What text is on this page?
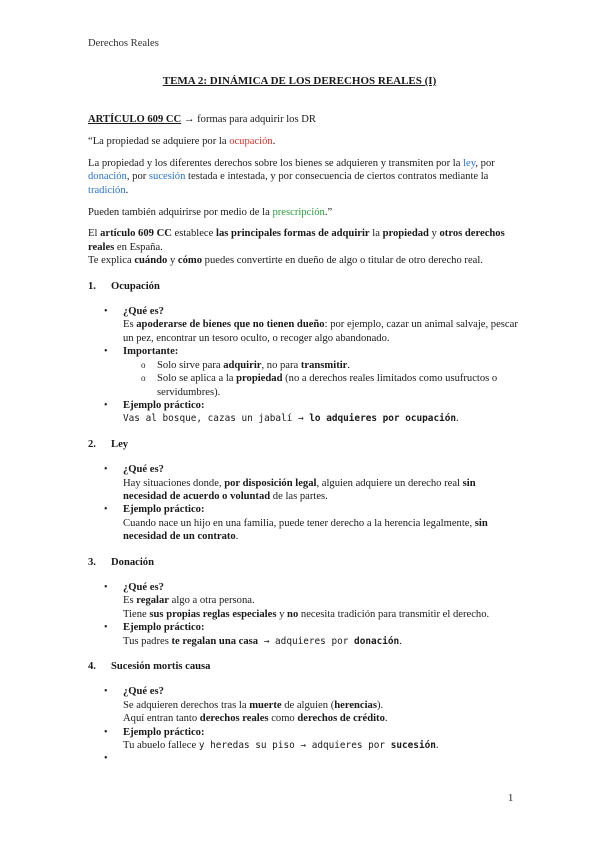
Derechos Reales
TEMA 2: DINÁMICA DE LOS DERECHOS REALES (I)

ARTÍCULO 609 CC → formas para adquirir los DR

“La propiedad se adquiere por la ocupación.

La propiedad y los diferentes derechos sobre los bienes se adquieren y transmiten por la ley, por donación, por sucesión testada e intestada, y por consecuencia de ciertos contratos mediante la tradición.

Pueden también adquirirse por medio de la prescripción.”

El artículo 609 CC establece las principales formas de adquirir la propiedad y otros derechos reales en España.

Te explica cuándo y cómo puedes convertirte en dueño de algo o titular de otro derecho real.

1. Ocupación
• ¿Qué es?
Es apoderarse de bienes que no tienen dueño: por ejemplo, cazar un animal salvaje, pescar un pez, encontrar un tesoro oculto, o recoger algo abandonado.
• Importante:
o Solo sirve para adquirir, no para transmitir.
o Solo se aplica a la propiedad (no a derechos reales limitados como usufructos o servidumbres).
• Ejemplo práctico:
Vas al bosque, cazas un jabalí → lo adquieres por ocupación.
2. Ley
• ¿Qué es?
Hay situaciones donde, por disposición legal, alguien adquiere un derecho real sin necesidad de acuerdo o voluntad de las partes.
• Ejemplo práctico:
Cuando nace un hijo en una familia, puede tener derecho a la herencia legalmente, sin necesidad de un contrato.
3. Donación
• ¿Qué es?
Es regalar algo a otra persona.
Tiene sus propias reglas especiales y no necesita tradición para transmitir el derecho.
• Ejemplo práctico:
Tus padres te regalan una casa → adquieres por donación.
4. Sucesión mortis causa
• ¿Qué es?
Se adquieren derechos tras la muerte de alguien (herencias).
Aquí entran tanto derechos reales como derechos de crédito.
• Ejemplo práctico:
Tu abuelo fallece y heredas su piso → adquieres por sucesión.
•

1
